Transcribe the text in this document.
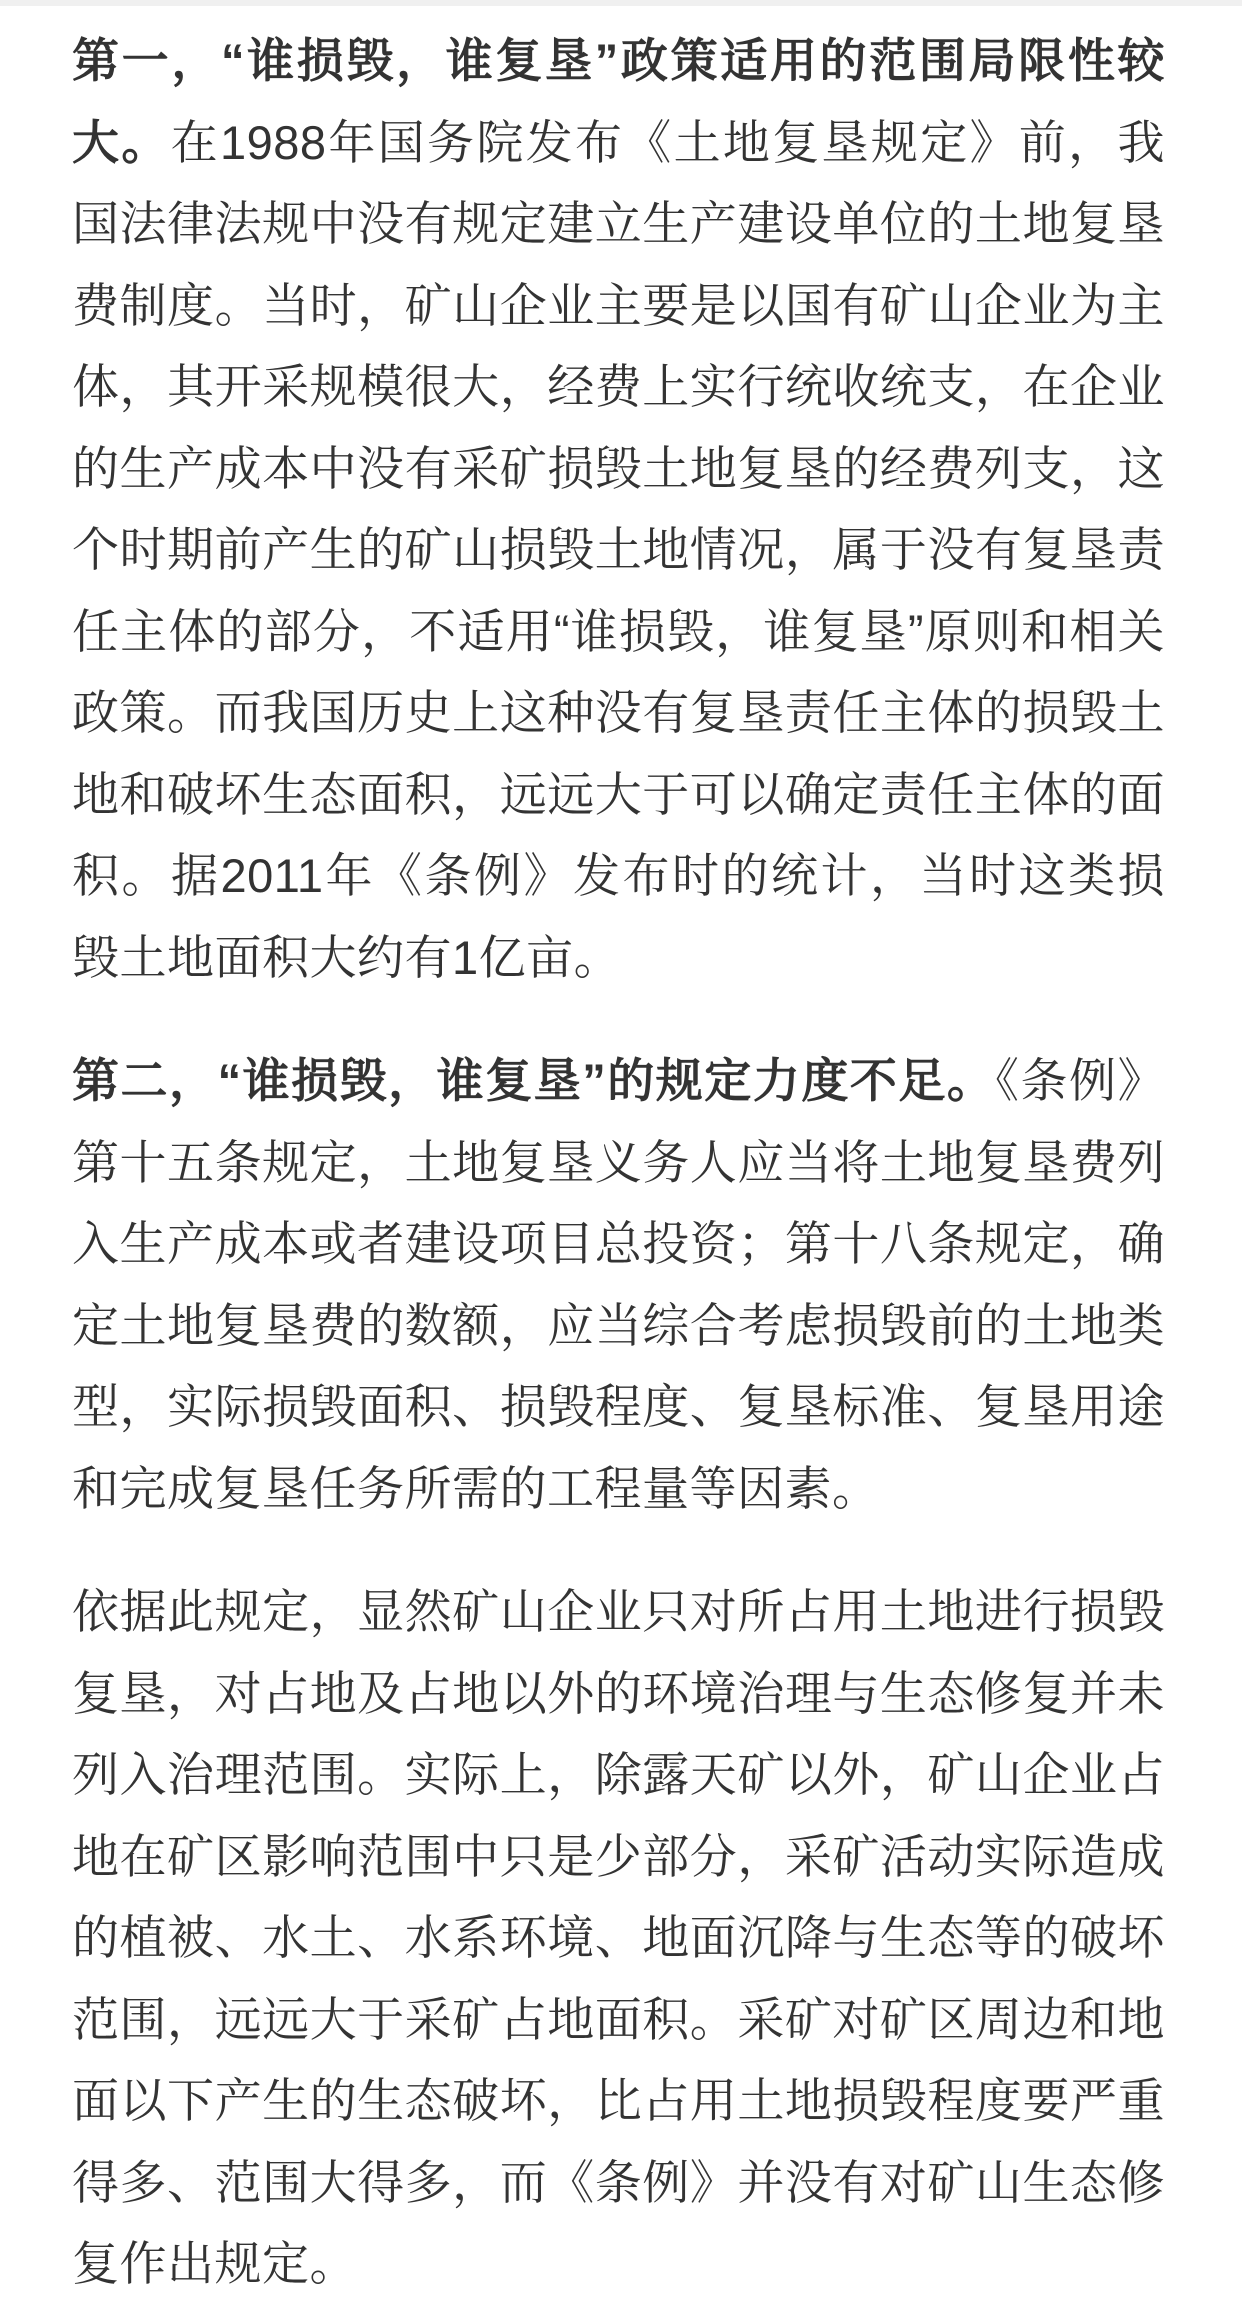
第一，“谁损毁，谁复垦”政策适用的范围局限性较大。在1988年国务院发布《土地复垦规定》前，我国法律法规中没有规定建立生产建设单位的土地复垦费制度。当时，矿山企业主要是以国有矿山企业为主体，其开采规模很大，经费上实行统收统支，在企业的生产成本中没有采矿损毁土地复垦的经费列支，这个时期前产生的矿山损毁土地情况，属于没有复垦责任主体的部分，不适用“谁损毁，谁复垦”原则和相关政策。而我国历史上这种没有复垦责任主体的损毁土地和破坏生态面积，远远大于可以确定责任主体的面积。据2011年《条例》发布时的统计，当时这类损毁土地面积大约有1亿亩。

第二，“谁损毁，谁复垦”的规定力度不足。《条例》第十五条规定，土地复垦义务人应当将土地复垦费列入生产成本或者建设项目总投资；第十八条规定，确定土地复垦费的数额，应当综合考虑损毁前的土地类型，实际损毁面积、损毁程度、复垦标准、复垦用途和完成复垦任务所需的工程量等因素。

依据此规定，显然矿山企业只对所占用土地进行损毁复垦，对占地及占地以外的环境治理与生态修复并未列入治理范围。实际上，除露天矿以外，矿山企业占地在矿区影响范围中只是少部分，采矿活动实际造成的植被、水土、水系环境、地面沉降与生态等的破坏范围，远远大于采矿占地面积。采矿对矿区周边和地面以下产生的生态破坏，比占用土地损毁程度要严重得多、范围大得多，而《条例》并没有对矿山生态修复作出规定。
